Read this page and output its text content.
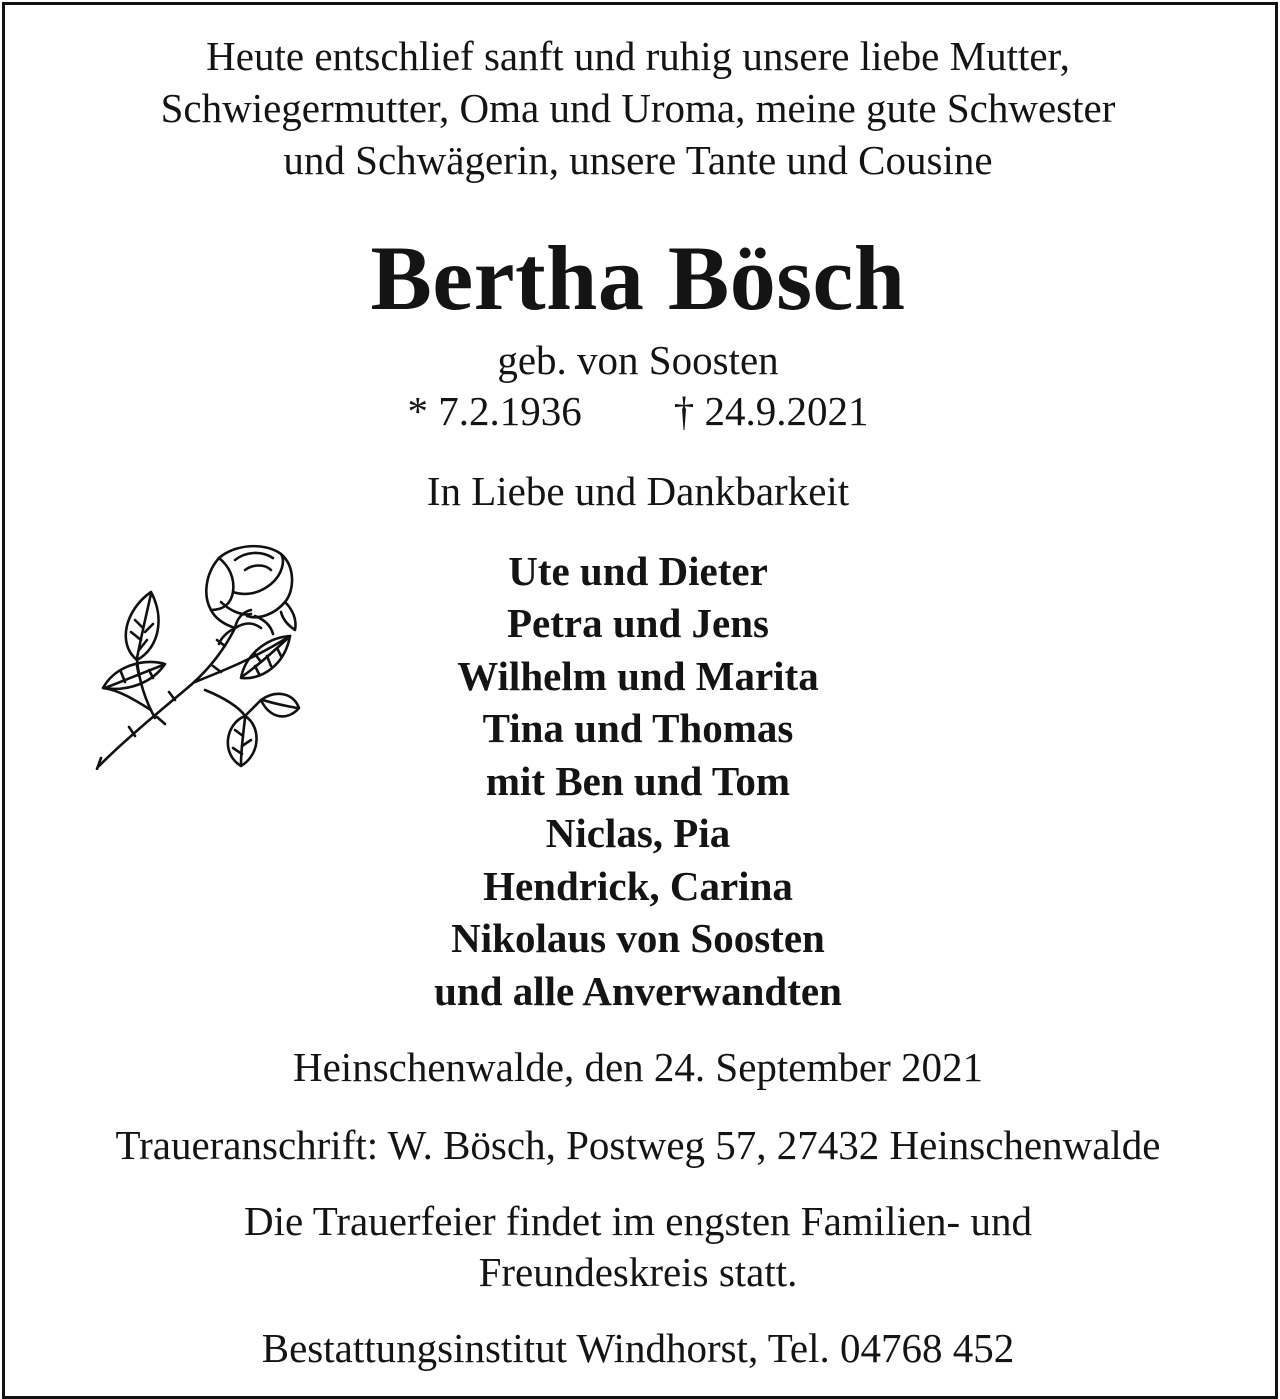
Heute entschlief sanft und ruhig unsere liebe Mutter,
Schwiegermutter, Oma und Uroma, meine gute Schwester
und Schwägerin, unsere Tante und Cousine
Bertha Bösch
geb. von Soosten
* 7.2.1936 † 24.9.2021
In Liebe und Dankbarkeit
Ute und Dieter
Petra und Jens
Wilhelm und Marita
Tina und Thomas
mit Ben und Tom
Niclas, Pia
Hendrick, Carina
Nikolaus von Soosten
und alle Anverwandten
Heinschenwalde, den 24. September 2021
Traueranschrift: W. Bösch, Postweg 57, 27432 Heinschenwalde
Die Trauerfeier findet im engsten Familien- und
Freundeskreis statt.
Bestattungsinstitut Windhorst, Tel. 04768 452
